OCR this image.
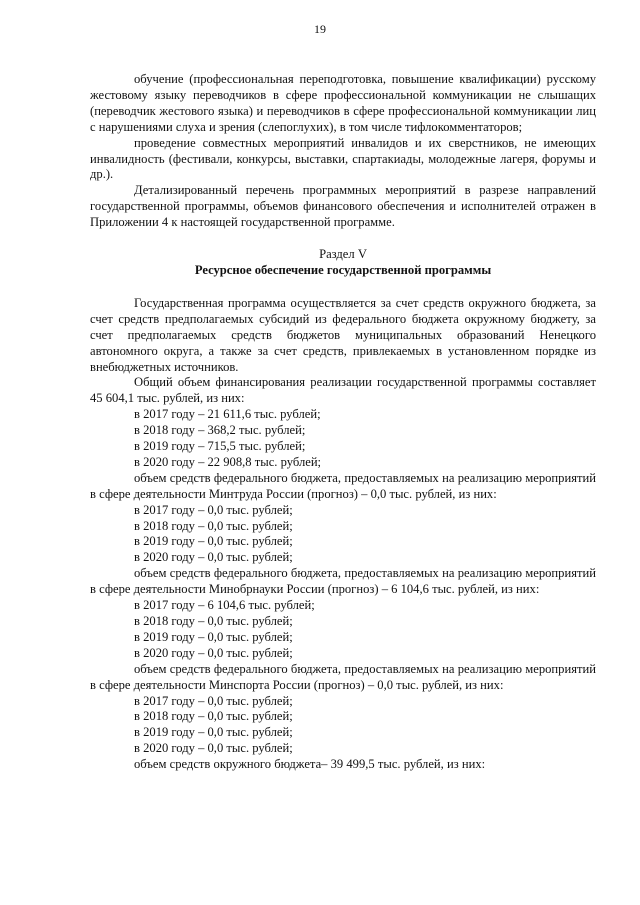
19

обучение (профессиональная переподготовка, повышение квалификации) русскому жестовому языку переводчиков в сфере профессиональной коммуникации не слышащих (переводчик жестового языка) и переводчиков в сфере профессиональной коммуникации лиц с нарушениями слуха и зрения (слепоглухих), в том числе тифлокомментаторов;

проведение совместных мероприятий инвалидов и их сверстников, не имеющих инвалидность (фестивали, конкурсы, выставки, спартакиады, молодежные лагеря, форумы и др.).

Детализированный перечень программных мероприятий в разрезе направлений государственной программы, объемов финансового обеспечения и исполнителей отражен в Приложении 4 к настоящей государственной программе.

Раздел V

Ресурсное обеспечение государственной программы

Государственная программа осуществляется за счет средств окружного бюджета, за счет средств предполагаемых субсидий из федерального бюджета окружному бюджету, за счет предполагаемых средств бюджетов муниципальных образований Ненецкого автономного округа, а также за счет средств, привлекаемых в установленном порядке из внебюджетных источников.

Общий объем финансирования реализации государственной программы составляет 45 604,1 тыс. рублей, из них:

в 2017 году – 21 611,6 тыс. рублей;

в 2018 году – 368,2 тыс. рублей;

в 2019 году – 715,5 тыс. рублей;

в 2020 году – 22 908,8 тыс. рублей;

объем средств федерального бюджета, предоставляемых на реализацию мероприятий в сфере деятельности Минтруда России (прогноз) – 0,0 тыс. рублей, из них:

в 2017 году – 0,0 тыс. рублей;

в 2018 году – 0,0 тыс. рублей;

в 2019 году – 0,0 тыс. рублей;

в 2020 году – 0,0 тыс. рублей;

объем средств федерального бюджета, предоставляемых на реализацию мероприятий в сфере деятельности Минобрнауки России (прогноз) – 6 104,6 тыс. рублей, из них:

в 2017 году – 6 104,6 тыс. рублей;

в 2018 году – 0,0 тыс. рублей;

в 2019 году – 0,0 тыс. рублей;

в 2020 году – 0,0 тыс. рублей;

объем средств федерального бюджета, предоставляемых на реализацию мероприятий в сфере деятельности Минспорта России (прогноз) – 0,0 тыс. рублей, из них:

в 2017 году – 0,0 тыс. рублей;

в 2018 году – 0,0 тыс. рублей;

в 2019 году – 0,0 тыс. рублей;

в 2020 году – 0,0 тыс. рублей;

объем средств окружного бюджета– 39 499,5 тыс. рублей, из них:
